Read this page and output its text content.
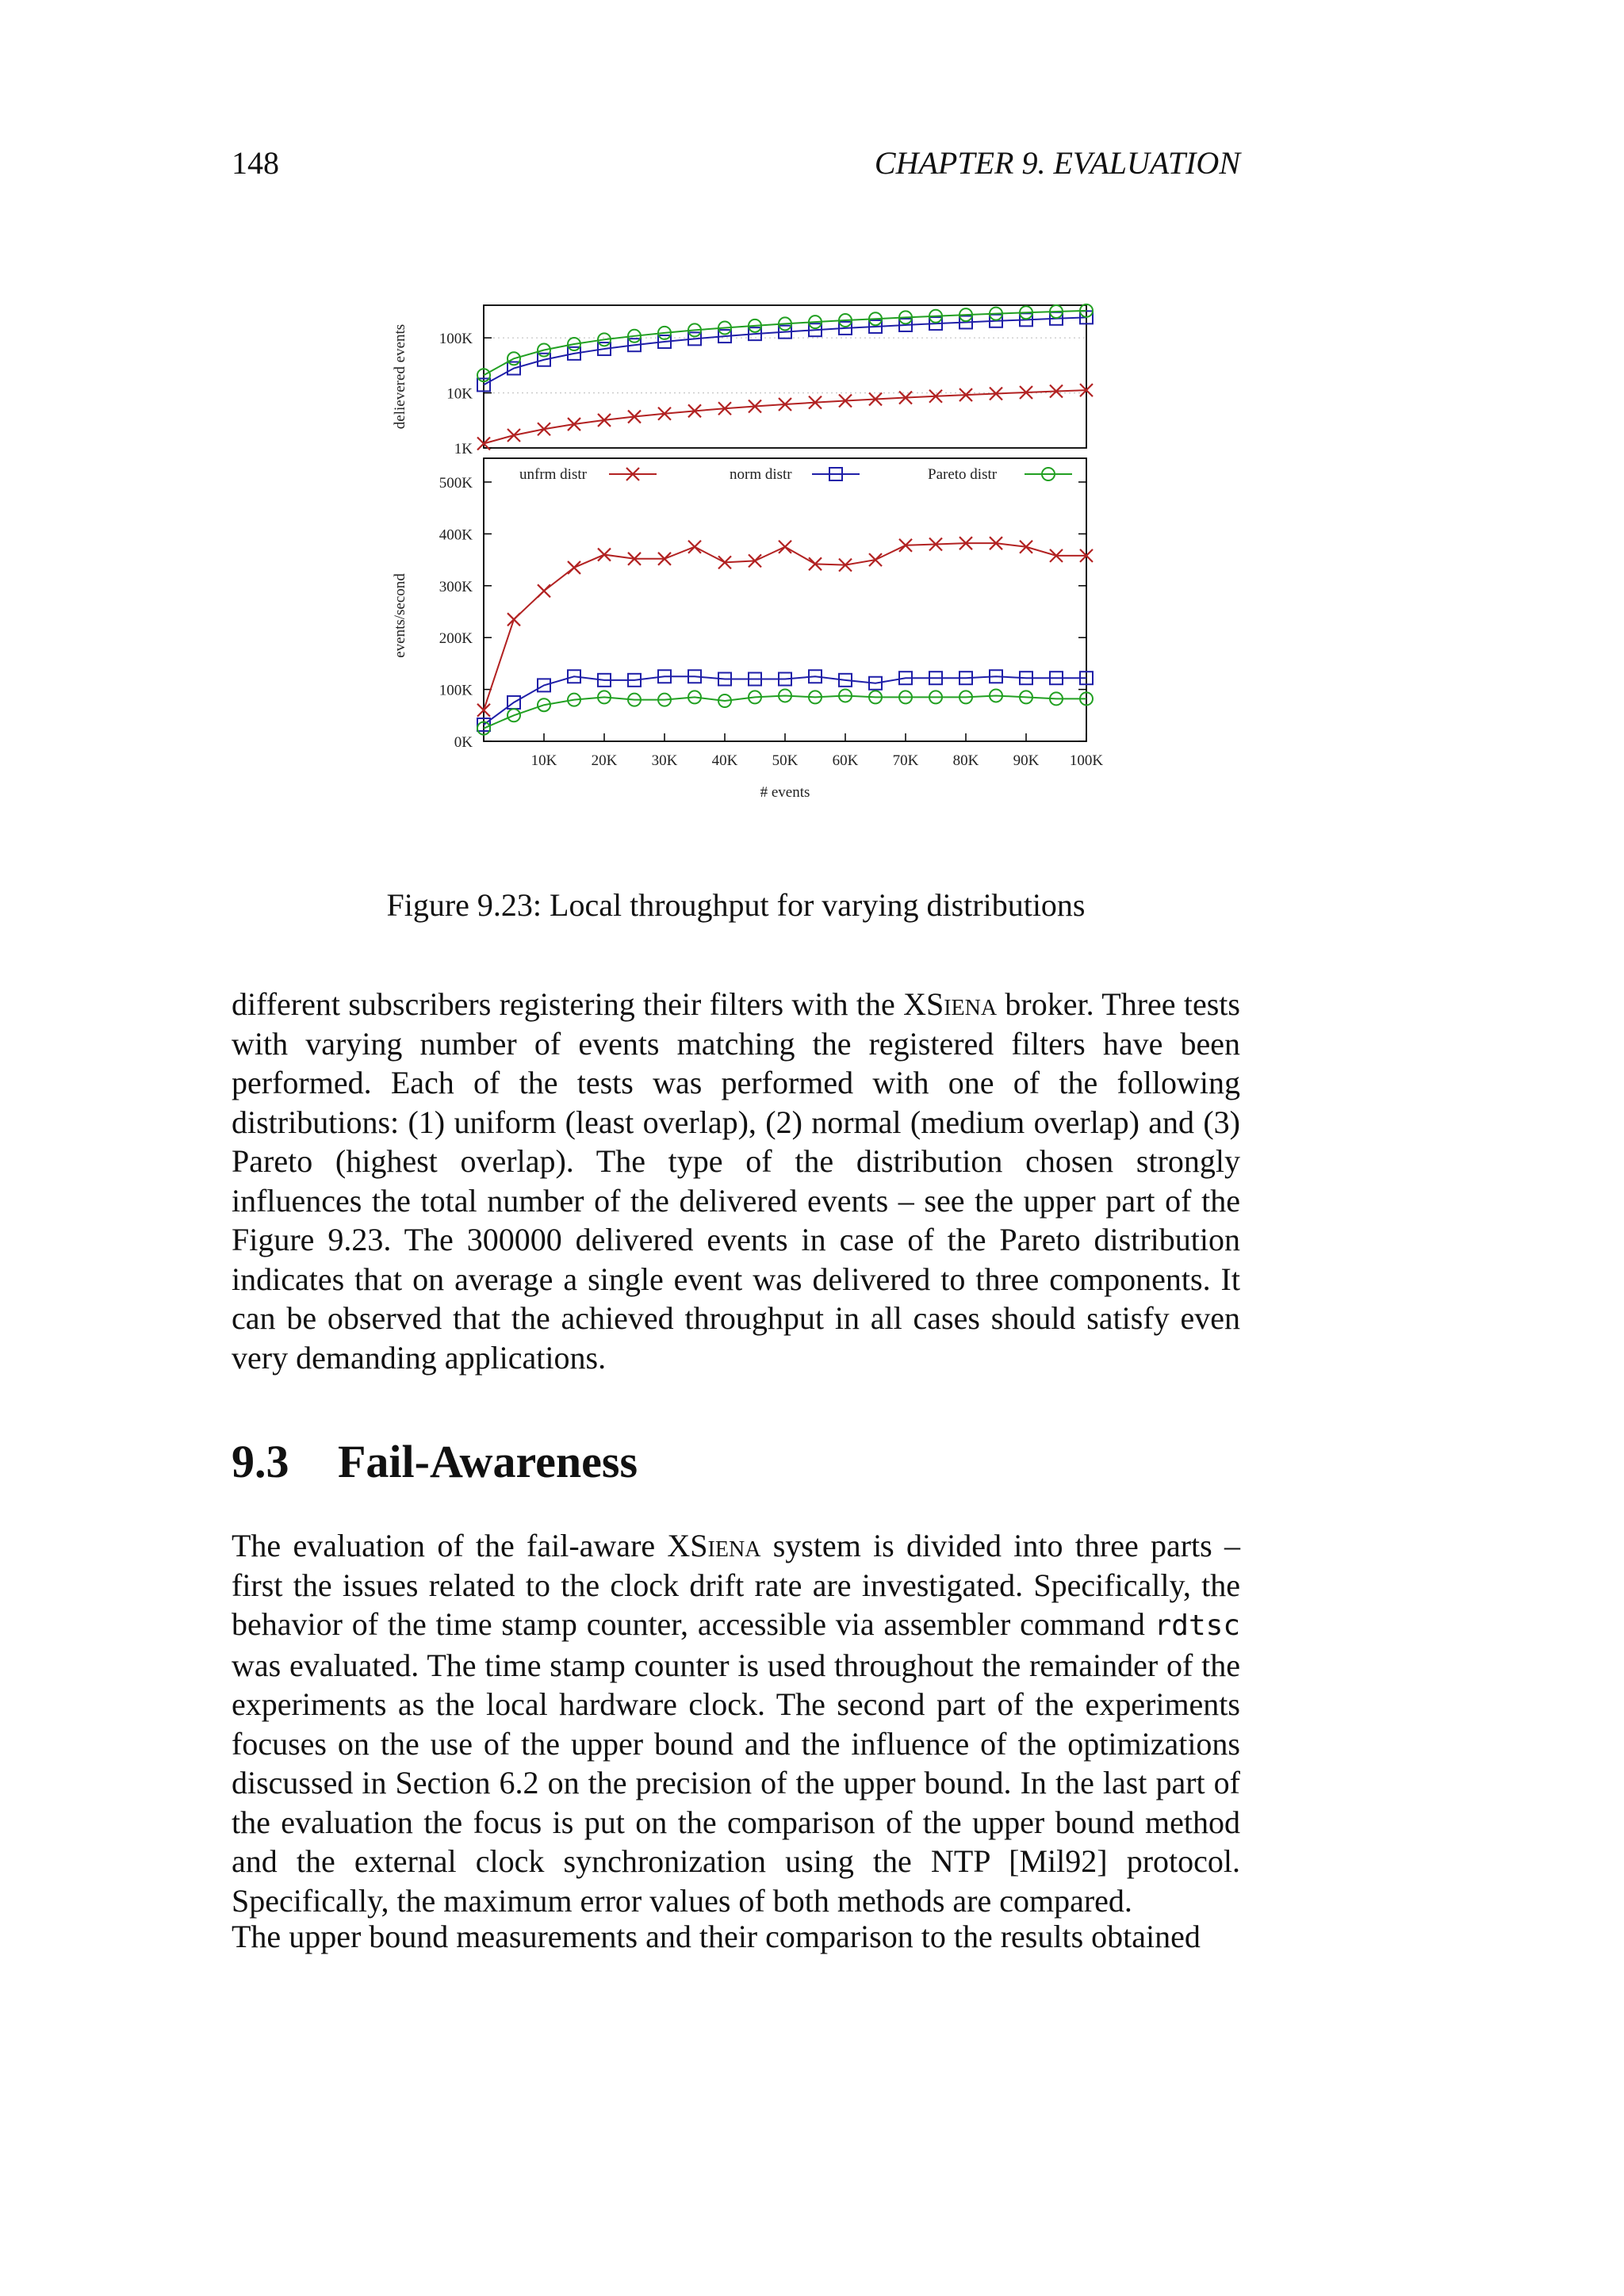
148	CHAPTER 9. EVALUATION
1K
10K
100K
delievered events
0K
100K
200K
300K
400K
500K
10K 20K 30K 40K 50K 60K 70K 80K 90K 100K
events/second
# events
unfrm distr	norm distr	Pareto distr
Figure 9.23: Local throughput for varying distributions

different subscribers registering their filters with the XSiena broker. Three tests with varying number of events matching the registered filters have been performed. Each of the tests was performed with one of the following distributions: (1) uniform (least overlap), (2) normal (medium overlap) and (3) Pareto (highest overlap). The type of the distribution chosen strongly influences the total number of the delivered events – see the upper part of the Figure 9.23. The 300000 delivered events in case of the Pareto distribution indicates that on average a single event was delivered to three components. It can be observed that the achieved throughput in all cases should satisfy even very demanding applications.

9.3 Fail-Awareness

The evaluation of the fail-aware XSiena system is divided into three parts – first the issues related to the clock drift rate are investigated. Specifically, the behavior of the time stamp counter, accessible via assembler command rdtsc was evaluated. The time stamp counter is used throughout the remainder of the experiments as the local hardware clock. The second part of the experiments focuses on the use of the upper bound and the influence of the optimizations discussed in Section 6.2 on the precision of the upper bound. In the last part of the evaluation the focus is put on the comparison of the upper bound method and the external clock synchronization using the NTP [Mil92] protocol. Specifically, the maximum error values of both methods are compared.

The upper bound measurements and their comparison to the results obtained
